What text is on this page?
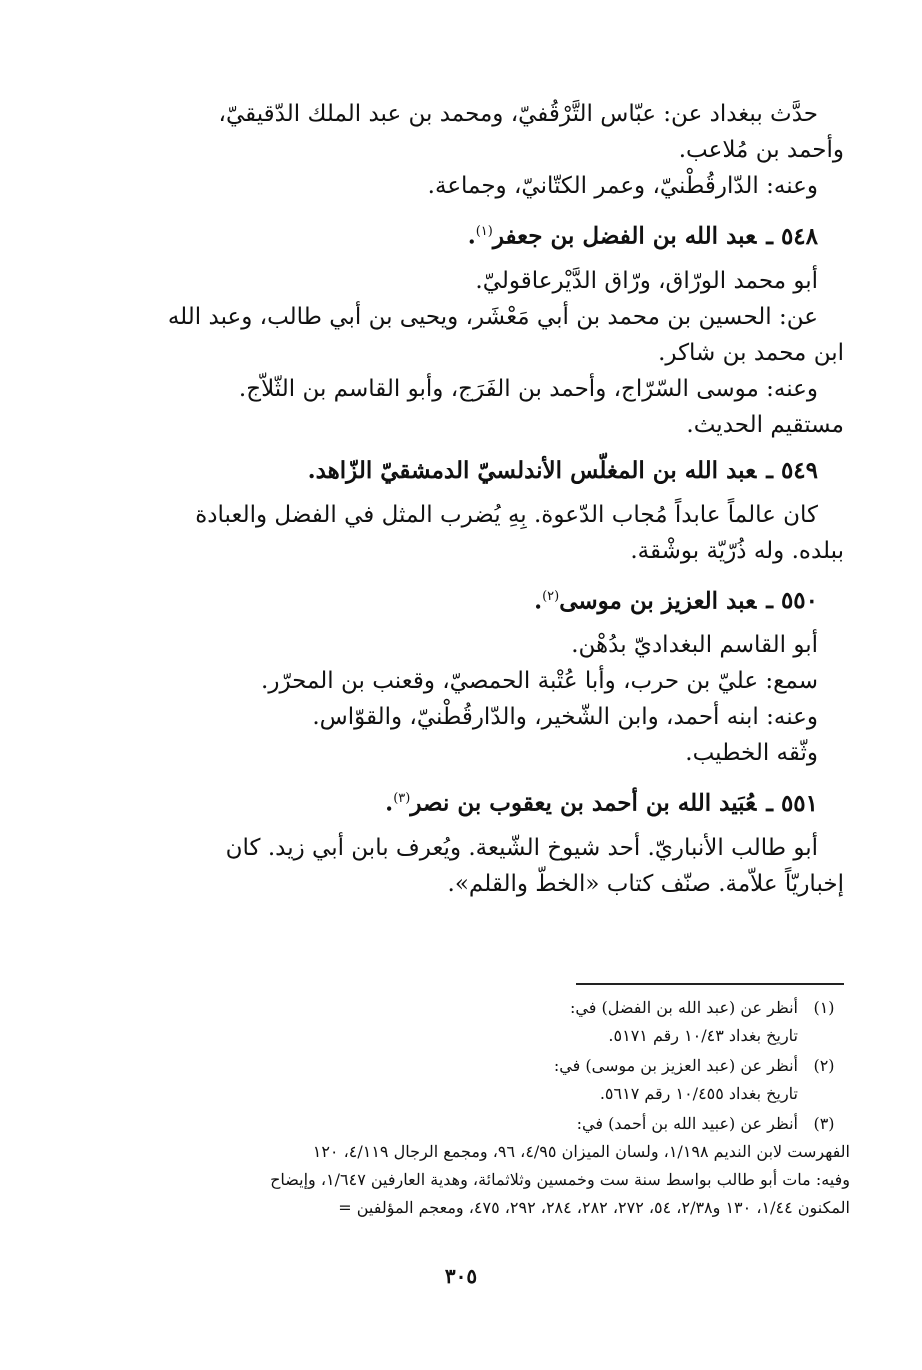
حدَّث ببغداد عن: عبّاس التَّرْقُفيّ، ومحمد بن عبد الملك الدّقيقيّ،
وأحمد بن مُلاعب.
وعنه: الدّارقُطْنيّ، وعمر الكتّانيّ، وجماعة.
٥٤٨ ـعبد الله بن الفضل بن جعفر$^{(١)}$.
أبو محمد الورّاق، ورّاق الدَّيْرعاقوليّ.
عن: الحسين بن محمد بن أبي مَعْشَر، ويحيى بن أبي طالب، وعبد الله
ابن محمد بن شاكر.
وعنه: موسى السّرّاج، وأحمد بن الفَرَج، وأبو القاسم بن الثّلاّج.
مستقيم الحديث.
٥٤٩ ـعبد الله بن المغلّس الأندلسيّ الدمشقيّ الزّاهد.
كان عالماً عابداً مُجاب الدّعوة. بِهِ يُضرب المثل في الفضل والعبادة
ببلده. وله ذُرّيّة بوشْقة.
٥٥٠ ـعبد العزيز بن موسى$^{(٢)}$.
أبو القاسم البغداديّ بدُهْن.
سمع: عليّ بن حرب، وأبا عُتْبة الحمصيّ، وقعنب بن المحرّر.
وعنه: ابنه أحمد، وابن الشّخير، والدّارقُطْنيّ، والقوّاس.
وثّقه الخطيب.
٥٥١ ـعُبَيد الله بن أحمد بن يعقوب بن نصر$^{(٣)}$.
أبو طالب الأنباريّ. أحد شيوخ الشّيعة. ويُعرف بابن أبي زيد. كان
إخباريّاً علاّمة. صنّف كتاب «الخطّ والقلم».
(١)
أنظر عن (عبد الله بن الفضل) في:
تاريخ بغداد ١٠/٤٣ رقم ٥١٧١.
(٢)
أنظر عن (عبد العزيز بن موسى) في:
تاريخ بغداد ١٠/٤٥٥ رقم ٥٦١٧.
(٣)
أنظر عن (عبيد الله بن أحمد) في:
الفهرست لابن النديم ١/١٩٨، ولسان الميزان ٤/٩٥، ٩٦، ومجمع الرجال ٤/١١٩، ١٢٠
وفيه: مات أبو طالب بواسط سنة ست وخمسين وثلاثمائة، وهدية العارفين ١/٦٤٧، وإيضاح
المكنون ١/٤٤، ١٣٠ و٢/٣٨، ٥٤، ٢٧٢، ٢٨٢، ٢٨٤، ٢٩٢، ٤٧٥، ومعجم المؤلفين =
٣٠٥
